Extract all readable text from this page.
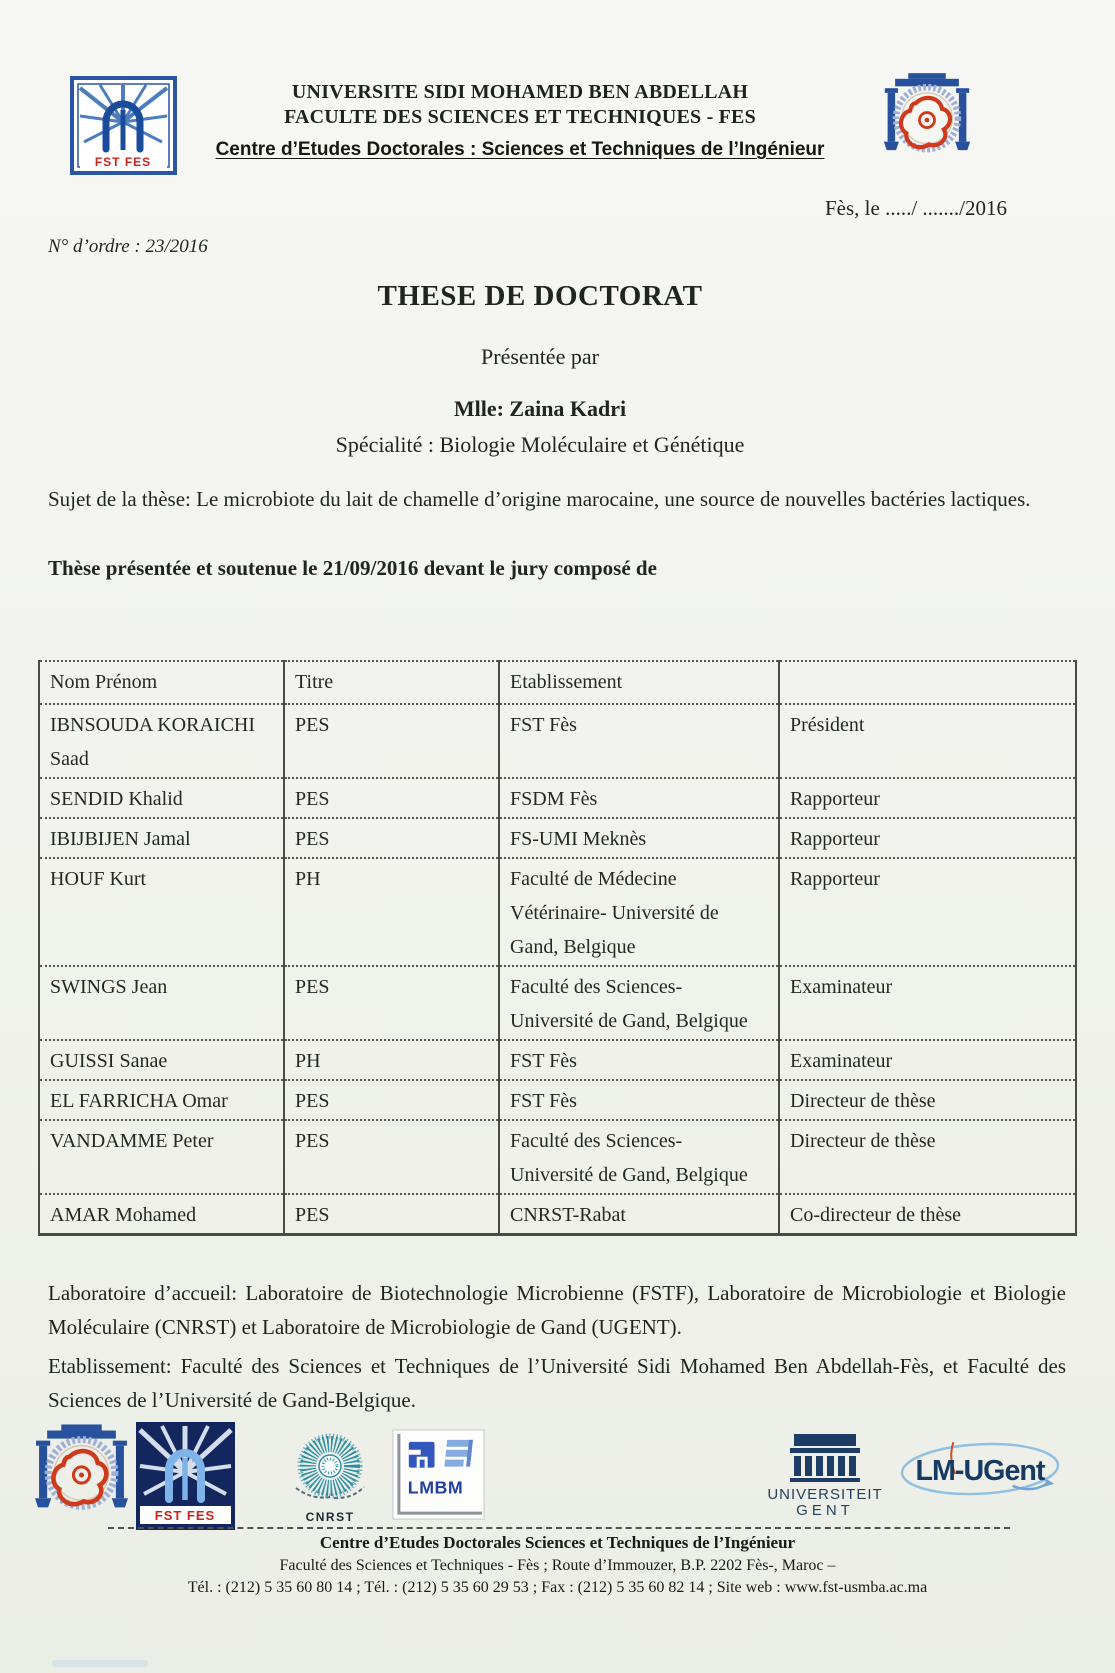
FST FES
UNIVERSITE SIDI MOHAMED BEN ABDELLAH
FACULTE DES SCIENCES ET TECHNIQUES - FES
Centre d’Etudes Doctorales : Sciences et Techniques de l’Ingénieur
Fès, le ...../ ......./2016
N° d’ordre : 23/2016
THESE DE DOCTORAT
Présentée par
Mlle: Zaina Kadri
Spécialité : Biologie Moléculaire et Génétique
Sujet de la thèse: Le microbiote du lait de chamelle d’origine marocaine, une source de nouvelles bactéries lactiques.
Thèse présentée et soutenue le 21/09/2016 devant le jury composé de
Nom Prénom	Titre	Etablissement	
IBNSOUDA KORAICHI Saad	PES	FST Fès	Président
SENDID Khalid	PES	FSDM Fès	Rapporteur
IBIJBIJEN Jamal	PES	FS-UMI Meknès	Rapporteur
HOUF Kurt	PH	Faculté de Médecine Vétérinaire- Université de Gand, Belgique	Rapporteur
SWINGS Jean	PES	Faculté des Sciences- Université de Gand, Belgique	Examinateur
GUISSI Sanae	PH	FST Fès	Examinateur
EL FARRICHA Omar	PES	FST Fès	Directeur de thèse
VANDAMME Peter	PES	Faculté des Sciences- Université de Gand, Belgique	Directeur de thèse
AMAR Mohamed	PES	CNRST-Rabat	Co-directeur de thèse
Laboratoire d’accueil: Laboratoire de Biotechnologie Microbienne (FSTF), Laboratoire de Microbiologie et Biologie Moléculaire (CNRST) et Laboratoire de Microbiologie de Gand (UGENT).
Etablissement: Faculté des Sciences et Techniques de l’Université Sidi Mohamed Ben Abdellah-Fès, et Faculté des Sciences de l’Université de Gand-Belgique.
FST FES	CNRST
LMBM	UNIVERSITEIT
GENT
LM-UGent
Centre d’Etudes Doctorales Sciences et Techniques de l’Ingénieur
Faculté des Sciences et Techniques - Fès ; Route d’Immouzer, B.P. 2202 Fès-, Maroc –
Tél. : (212) 5 35 60 80 14 ; Tél. : (212) 5 35 60 29 53 ; Fax : (212) 5 35 60 82 14 ; Site web : www.fst-usmba.ac.ma
